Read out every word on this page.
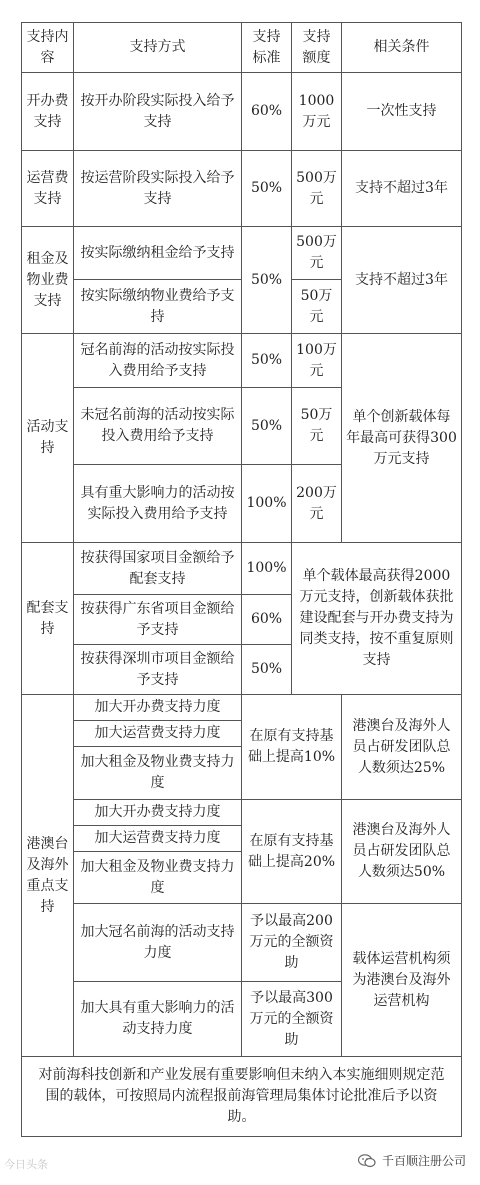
支持内容	支持方式	支持标准	支持额度	相关条件
开办费支持	按开办阶段实际投入给予支持	60%	1000万元	一次性支持
运营费支持	按运营阶段实际投入给予支持	50%	500万元	支持不超过3年
租金及物业费支持	按实际缴纳租金给予支持	50%	500万元	支持不超过3年
	按实际缴纳物业费给予支持		50万元	
活动支持	冠名前海的活动按实际投入费用给予支持	50%	100万元	单个创新载体每年最高可获得300万元支持
	未冠名前海的活动按实际投入费用给予支持	50%	50万元	
	具有重大影响力的活动按实际投入费用给予支持	100%	200万元	
配套支持	按获得国家项目金额给予配套支持	100%	单个载体最高获得2000万元支持，创新载体获批建设配套与开办费支持为同类支持，按不重复原则支持	
	按获得广东省项目金额给予支持	60%		
	按获得深圳市项目金额给予支持	50%		
港澳台及海外重点支持	加大开办费支持力度	在原有支持基础上提高10%		港澳台及海外人员占研发团队总人数须达25%
	加大运营费支持力度			
	加大租金及物业费支持力度			
	加大开办费支持力度	在原有支持基础上提高20%		港澳台及海外人员占研发团队总人数须达50%
	加大运营费支持力度			
	加大租金及物业费支持力度			
	加大冠名前海的活动支持力度	予以最高200万元的全额资助		载体运营机构须为港澳台及海外运营机构
	加大具有重大影响力的活动支持力度	予以最高300万元的全额资助		
对前海科技创新和产业发展有重要影响但未纳入本实施细则规定范围的载体，可按照局内流程报前海管理局集体讨论批准后予以资助。				
今日头条	千百顺注册公司
